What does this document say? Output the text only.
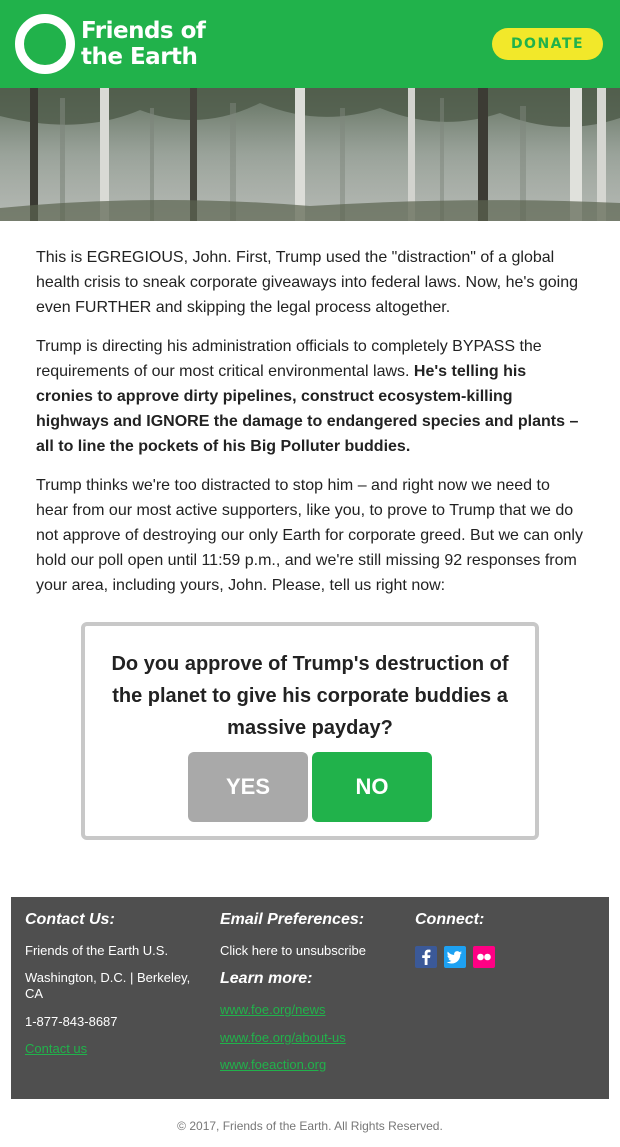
Friends of
the Earth	DONATE

This is EGREGIOUS, John. First, Trump used the "distraction" of a global health crisis to sneak corporate giveaways into federal laws. Now, he's going even FURTHER and skipping the legal process altogether.

Trump is directing his administration officials to completely BYPASS the requirements of our most critical environmental laws. He's telling his cronies to approve dirty pipelines, construct ecosystem-killing highways and IGNORE the damage to endangered species and plants – all to line the pockets of his Big Polluter buddies.

Trump thinks we're too distracted to stop him – and right now we need to hear from our most active supporters, like you, to prove to Trump that we do not approve of destroying our only Earth for corporate greed. But we can only hold our poll open until 11:59 p.m., and we're still missing 92 responses from your area, including yours, John. Please, tell us right now:

Do you approve of Trump's destruction of the planet to give his corporate buddies a massive payday?
YES	NO
Contact Us:
Friends of the Earth U.S.
Washington, D.C. | Berkeley, CA
1-877-843-8687
Contact us
Email Preferences:
Click here to unsubscribe
Learn more:
www.foe.org/news
www.foe.org/about-us
www.foeaction.org
Connect:
© 2017, Friends of the Earth. All Rights Reserved.
